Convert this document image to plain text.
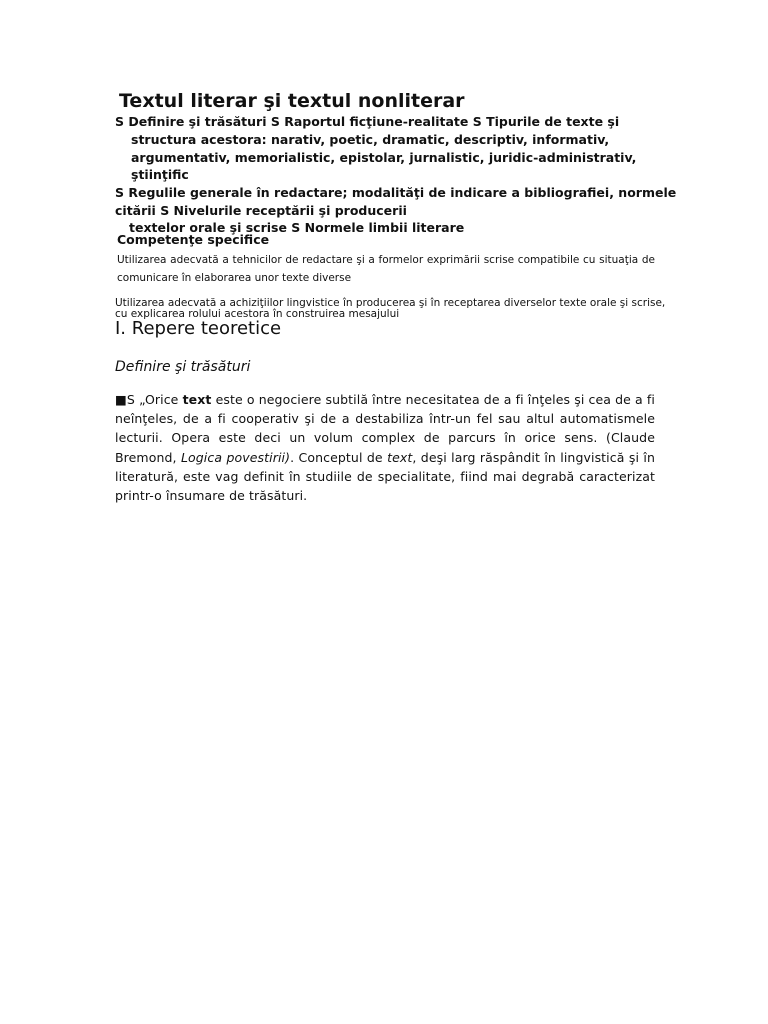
Textul literar şi textul nonliterar
S Definire şi trăsături S Raportul ficţiune-realitate S Tipurile de texte şi
structura acestora: narativ, poetic, dramatic, descriptiv, informativ,
argumentativ, memorialistic, epistolar, jurnalistic, juridic-administrativ,
ştiinţific
S Regulile generale în redactare; modalităţi de indicare a bibliografiei, normele
citării S Nivelurile receptării şi producerii
textelor orale şi scrise S Normele limbii literare
Competenţe specifice
Utilizarea adecvată a tehnicilor de redactare şi a formelor exprimării scrise compatibile cu situaţia de comunicare în elaborarea unor texte diverse
Utilizarea adecvată a achiziţiilor lingvistice în producerea şi în receptarea diverselor texte orale şi scrise,
cu explicarea rolului acestora în construirea mesajului
I. Repere teoretice
Definire şi trăsături
■S „Orice text este o negociere subtilă între necesitatea de a fi înţeles şi cea de a fi neînţeles, de a fi cooperativ şi de a destabiliza într-un fel sau altul automatismele lecturii. Opera este deci un volum complex de parcurs în orice sens. (Claude Bremond, Logica povestirii). Conceptul de text, deşi larg răspândit în lingvistică şi în literatură, este vag definit în studiile de specialitate, fiind mai degrabă caracterizat printr-o însumare de trăsături.
